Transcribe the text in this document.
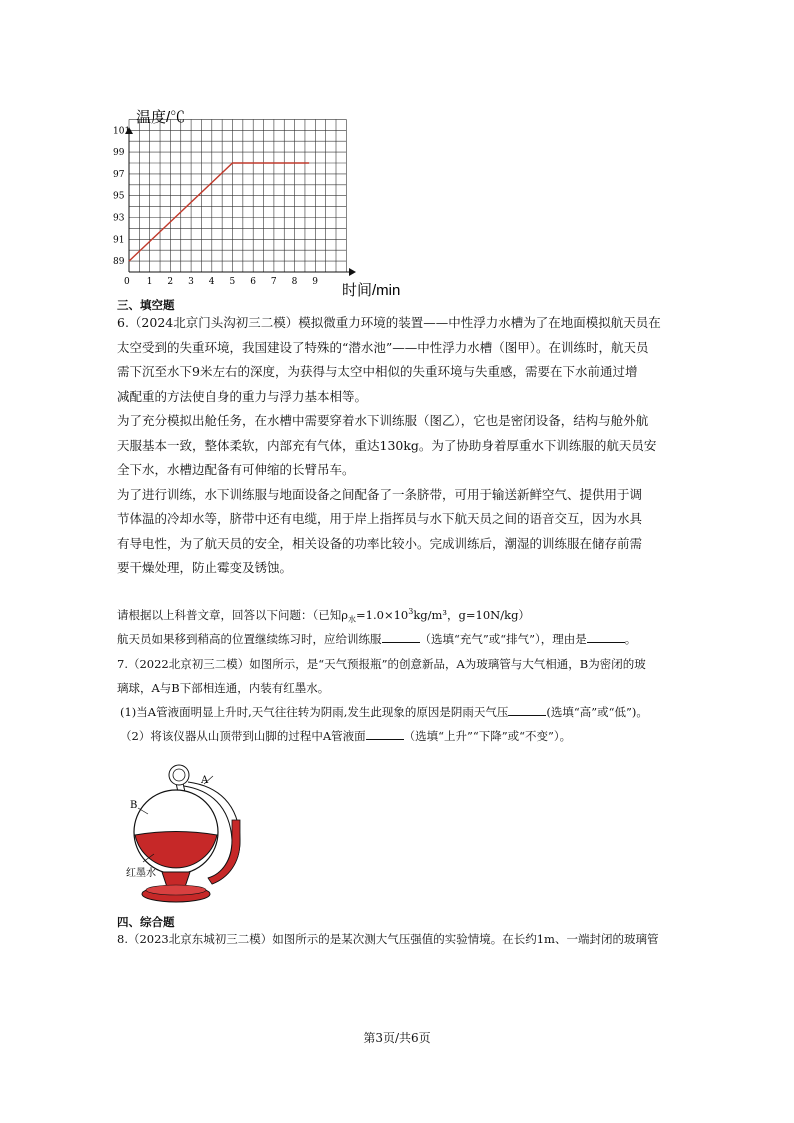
0 1 2 3 4 5 6 7 8 9
89
91
93
95
97
99
101
温度/℃
时间/min
三、填空题
6.（2024北京门头沟初三二模）模拟微重力环境的装置——中性浮力水槽为了在地面模拟航天员在
太空受到的失重环境，我国建设了特殊的“潜水池”——中性浮力水槽（图甲）。在训练时，航天员
需下沉至水下9米左右的深度，为获得与太空中相似的失重环境与失重感，需要在下水前通过增
减配重的方法使自身的重力与浮力基本相等。
为了充分模拟出舱任务，在水槽中需要穿着水下训练服（图乙），它也是密闭设备，结构与舱外航
天服基本一致，整体柔软，内部充有气体，重达130kg。为了协助身着厚重水下训练服的航天员安
全下水，水槽边配备有可伸缩的长臂吊车。
为了进行训练，水下训练服与地面设备之间配备了一条脐带，可用于输送新鲜空气、提供用于调
节体温的冷却水等，脐带中还有电缆，用于岸上指挥员与水下航天员之间的语音交互，因为水具
有导电性，为了航天员的安全，相关设备的功率比较小。完成训练后，潮湿的训练服在储存前需
要干燥处理，防止霉变及锈蚀。
请根据以上科普文章，回答以下问题：（已知$\rho_水=1.0\times 10^3kg/m^3$，g=10N/kg）
航天员如果移到稍高的位置继续练习时，应给训练服	（选填“充气”或“排气”），理由是	。
7.（2022北京初三二模）如图所示，是“天气预报瓶”的创意新品，A为玻璃管与大气相通，B为密闭的玻
璃球，A与B下部相连通，内装有红墨水。
(1)当A管液面明显上升时,天气往往转为阴雨,发生此现象的原因是阴雨天气压	(选填“高”或“低”)。
（2）将该仪器从山顶带到山脚的过程中A管液面	（选填“上升”“下降”或“不变”）。
A
B
红墨水
四、综合题
8.（2023北京东城初三二模）如图所示的是某次测大气压强值的实验情境。在长约1m、一端封闭的玻璃管
第3页/共6页
